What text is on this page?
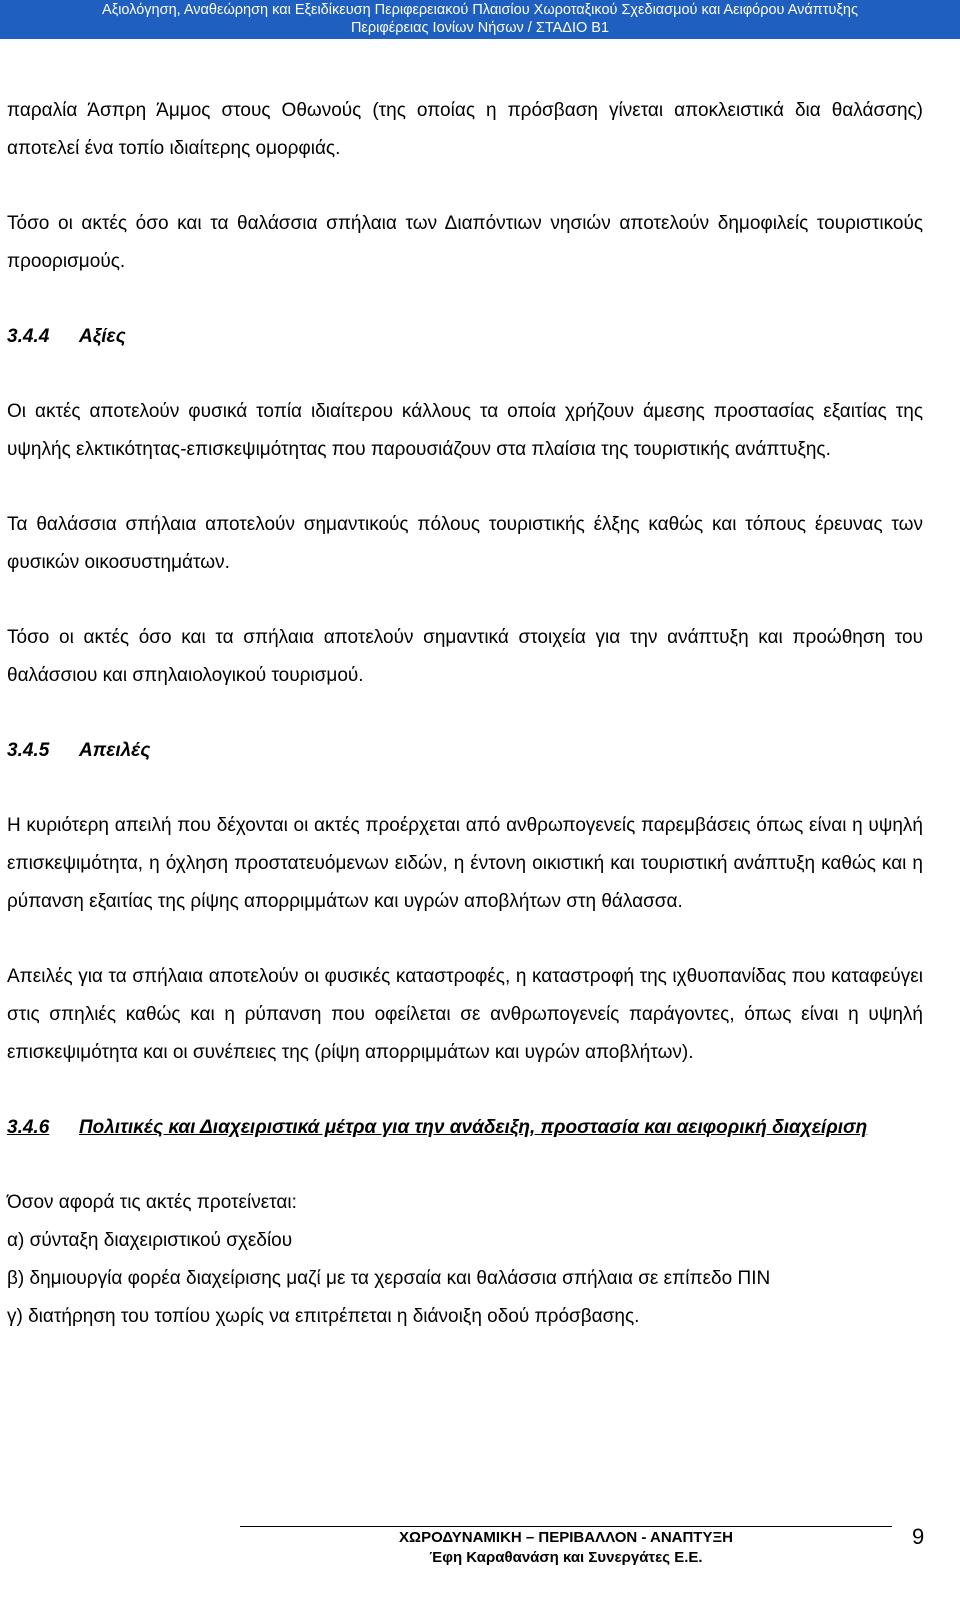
Αξιολόγηση, Αναθεώρηση και Εξειδίκευση Περιφερειακού Πλαισίου Χωροταξικού Σχεδιασμού και Αειφόρου Ανάπτυξης
Περιφέρειας Ιονίων Νήσων / ΣΤΑΔΙΟ Β1

παραλία Άσπρη Άμμος στους Οθωνούς (της οποίας η πρόσβαση γίνεται αποκλειστικά δια θαλάσσης) αποτελεί ένα τοπίο ιδιαίτερης ομορφιάς.

Τόσο οι ακτές όσο και τα θαλάσσια σπήλαια των Διαπόντιων νησιών αποτελούν δημοφιλείς τουριστικούς προορισμούς.

3.4.4	Αξίες

Οι ακτές αποτελούν φυσικά τοπία ιδιαίτερου κάλλους τα οποία χρήζουν άμεσης προστασίας εξαιτίας της υψηλής ελκτικότητας-επισκεψιμότητας που παρουσιάζουν στα πλαίσια της τουριστικής ανάπτυξης.

Τα θαλάσσια σπήλαια αποτελούν σημαντικούς πόλους τουριστικής έλξης καθώς και τόπους έρευνας των φυσικών οικοσυστημάτων.

Τόσο οι ακτές όσο και τα σπήλαια αποτελούν σημαντικά στοιχεία για την ανάπτυξη και προώθηση του θαλάσσιου και σπηλαιολογικού τουρισμού.

3.4.5	Απειλές

Η κυριότερη απειλή που δέχονται οι ακτές προέρχεται από ανθρωπογενείς παρεμβάσεις όπως είναι η υψηλή επισκεψιμότητα, η όχληση προστατευόμενων ειδών, η έντονη οικιστική και τουριστική ανάπτυξη καθώς και η ρύπανση εξαιτίας της ρίψης απορριμμάτων και υγρών αποβλήτων στη θάλασσα.

Απειλές για τα σπήλαια αποτελούν οι φυσικές καταστροφές, η καταστροφή της ιχθυοπανίδας που καταφεύγει στις σπηλιές καθώς και η ρύπανση που οφείλεται σε ανθρωπογενείς παράγοντες, όπως είναι η υψηλή επισκεψιμότητα και οι συνέπειες της (ρίψη απορριμμάτων και υγρών αποβλήτων).

3.4.6	Πολιτικές και Διαχειριστικά μέτρα για την ανάδειξη, προστασία και αειφορική διαχείριση
Όσον αφορά τις ακτές προτείνεται:
α) σύνταξη διαχειριστικού σχεδίου
β) δημιουργία φορέα διαχείρισης μαζί με τα χερσαία και θαλάσσια σπήλαια σε επίπεδο ΠΙΝ
γ) διατήρηση του τοπίου χωρίς να επιτρέπεται η διάνοιξη οδού πρόσβασης.
ΧΩΡΟΔΥΝΑΜΙΚΗ – ΠΕΡΙΒΑΛΛΟΝ - ΑΝΑΠΤΥΞΗ
Έφη Καραθανάση και Συνεργάτες Ε.Ε.
9
